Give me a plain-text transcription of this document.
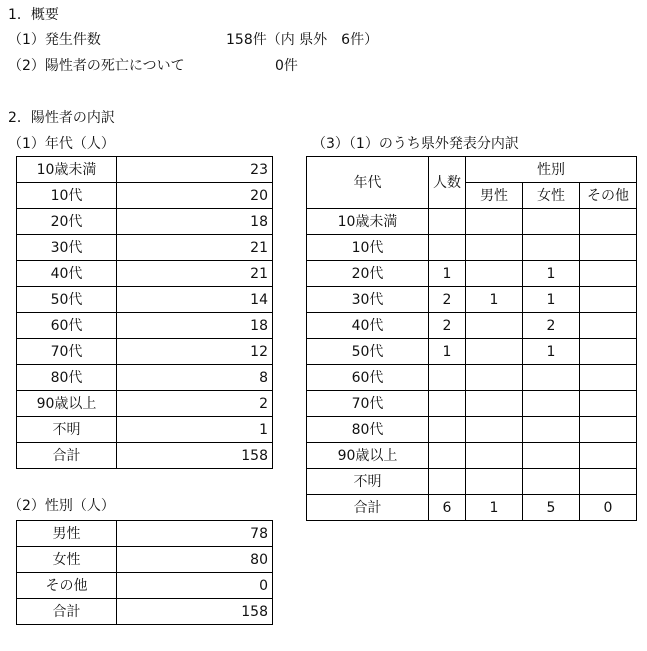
1．概要
（1）発生件数	158件（内 県外　6件）
（2）陽性者の死亡について	0件
2．陽性者の内訳
（1）年代（人）	（3）（1）のうち県外発表分内訳
10歳未満	23
10代	20
20代	18
30代	21
40代	21
50代	14
60代	18
70代	12
80代	8
90歳以上	2
不明	1
合計	158
（2）性別（人）
男性	78
女性	80
その他	0
合計	158
年代	人数	性別		
		男性	女性	その他
10歳未満				
10代				
20代	1		1	
30代	2	1	1	
40代	2		2	
50代	1		1	
60代				
70代				
80代				
90歳以上				
不明				
合計	6	1	5	0
